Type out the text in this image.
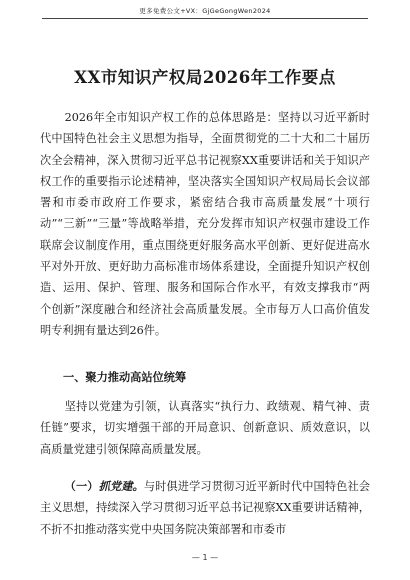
更多免费公文+VX：GjGeGongWen2024
XX市知识产权局2026年工作要点
2026年全市知识产权工作的总体思路是：坚持以习近平新时代中国特色社会主义思想为指导，全面贯彻党的二十大和二十届历次全会精神，深入贯彻习近平总书记视察XX重要讲话和关于知识产权工作的重要指示论述精神，坚决落实全国知识产权局局长会议部署和市委市政府工作要求，紧密结合我市高质量发展“十项行动”“三新”“三量”等战略举措，充分发挥市知识产权强市建设工作联席会议制度作用，重点围绕更好服务高水平创新、更好促进高水平对外开放、更好助力高标准市场体系建设，全面提升知识产权创造、运用、保护、管理、服务和国际合作水平，有效支撑我市“两个创新”深度融合和经济社会高质量发展。全市每万人口高价值发明专利拥有量达到26件。
一、聚力推动高站位统筹
坚持以党建为引领，认真落实“执行力、政绩观、精气神、责任链”要求，切实增强干部的开局意识、创新意识、质效意识，以高质量党建引领保障高质量发展。
（一）抓党建。与时俱进学习贯彻习近平新时代中国特色社会主义思想，持续深入学习贯彻习近平总书记视察XX重要讲话精神，不折不扣推动落实党中央国务院决策部署和市委市
— 1 —
